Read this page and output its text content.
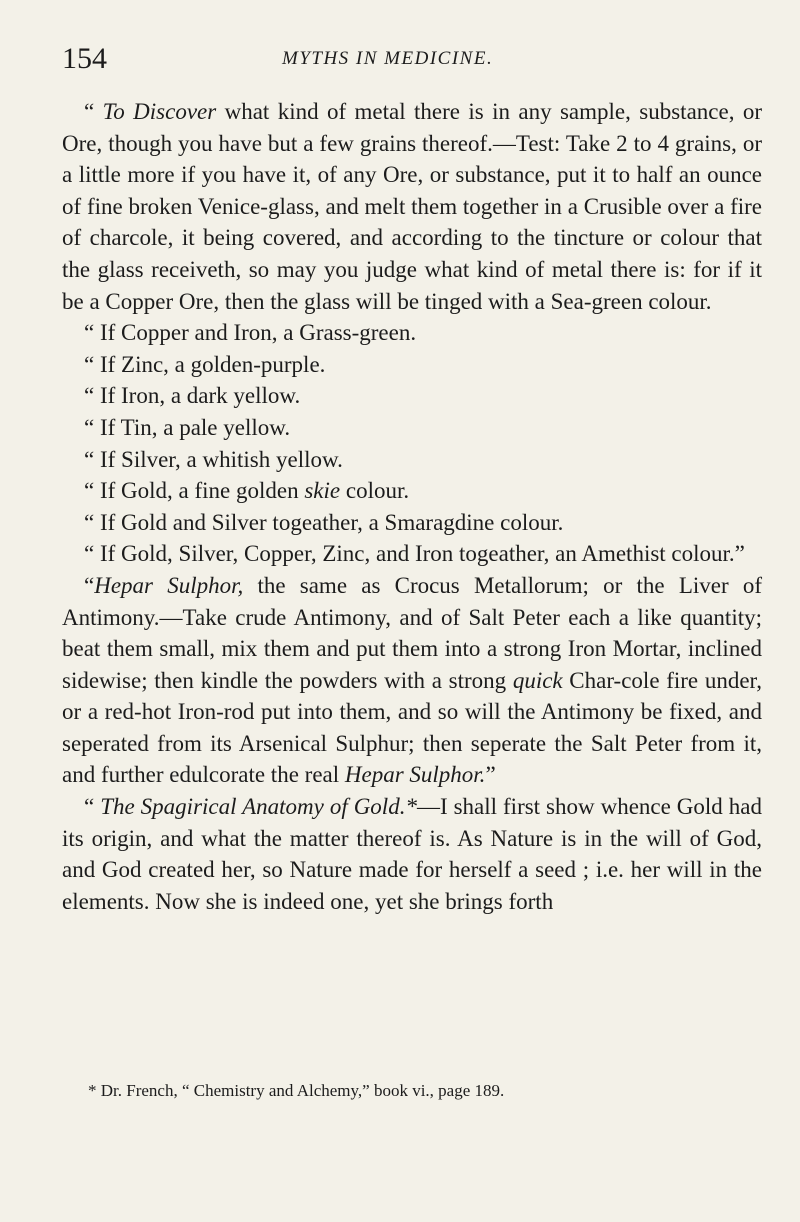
154	MYTHS IN MEDICINE.

“ To Discover what kind of metal there is in any sample, substance, or Ore, though you have but a few grains thereof.—Test: Take 2 to 4 grains, or a little more if you have it, of any Ore, or substance, put it to half an ounce of fine broken Venice-glass, and melt them together in a Crusible over a fire of charcole, it being covered, and according to the tincture or colour that the glass receiveth, so may you judge what kind of metal there is: for if it be a Copper Ore, then the glass will be tinged with a Sea-green colour.

“ If Copper and Iron, a Grass-green.

“ If Zinc, a golden-purple.

“ If Iron, a dark yellow.

“ If Tin, a pale yellow.

“ If Silver, a whitish yellow.

“ If Gold, a fine golden skie colour.

“ If Gold and Silver togeather, a Smaragdine colour.

“ If Gold, Silver, Copper, Zinc, and Iron togeather, an Amethist colour.”

“Hepar Sulphor, the same as Crocus Metallorum; or the Liver of Antimony.—Take crude Antimony, and of Salt Peter each a like quantity; beat them small, mix them and put them into a strong Iron Mortar, inclined sidewise; then kindle the powders with a strong quick Char-cole fire under, or a red-hot Iron-rod put into them, and so will the Antimony be fixed, and seperated from its Arsenical Sulphur; then seperate the Salt Peter from it, and further edulcorate the real Hepar Sulphor.”

“ The Spagirical Anatomy of Gold.*—I shall first show whence Gold had its origin, and what the matter thereof is. As Nature is in the will of God, and God created her, so Nature made for herself a seed ; i.e. her will in the elements. Now she is indeed one, yet she brings forth

* Dr. French, “ Chemistry and Alchemy,” book vi., page 189.
